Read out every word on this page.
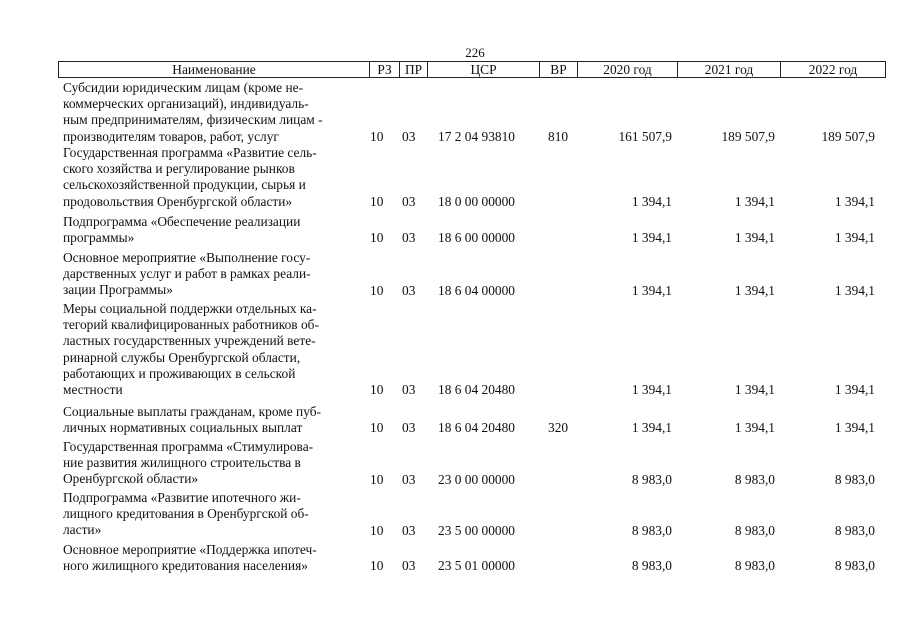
226
Наименование	РЗ ПР	ЦСР	ВР	2020 год	2021 год	2022 год
Субсидии юридическим лицам (кроме не-
коммерческих организаций), индивидуаль-
ным предпринимателям, физическим лицам -
производителям товаров, работ, услуг	10	03	17 2 04 93810	810	161 507,9	189 507,9	189 507,9
Государственная программа «Развитие сель-
ского хозяйства и регулирование рынков
сельскохозяйственной продукции, сырья и
продовольствия Оренбургской области»	10	03	18 0 00 00000	1 394,1	1 394,1	1 394,1
Подпрограмма «Обеспечение реализации
программы»	10	03	18 6 00 00000	1 394,1	1 394,1	1 394,1
Основное мероприятие «Выполнение госу-
дарственных услуг и работ в рамках реали-
зации Программы»	10	03	18 6 04 00000	1 394,1	1 394,1	1 394,1
Меры социальной поддержки отдельных ка-
тегорий квалифицированных работников об-
ластных государственных учреждений вете-
ринарной службы Оренбургской области,
работающих и проживающих в сельской
местности	10	03	18 6 04 20480	1 394,1	1 394,1	1 394,1
Социальные выплаты гражданам, кроме пуб-
личных нормативных социальных выплат	10	03	18 6 04 20480	320	1 394,1	1 394,1	1 394,1
Государственная программа «Стимулирова-
ние развития жилищного строительства в
Оренбургской области»	10	03	23 0 00 00000	8 983,0	8 983,0	8 983,0
Подпрограмма «Развитие ипотечного жи-
лищного кредитования в Оренбургской об-
ласти»	10	03	23 5 00 00000	8 983,0	8 983,0	8 983,0
Основное мероприятие «Поддержка ипотеч-
ного жилищного кредитования населения»	10	03	23 5 01 00000	8 983,0	8 983,0	8 983,0
